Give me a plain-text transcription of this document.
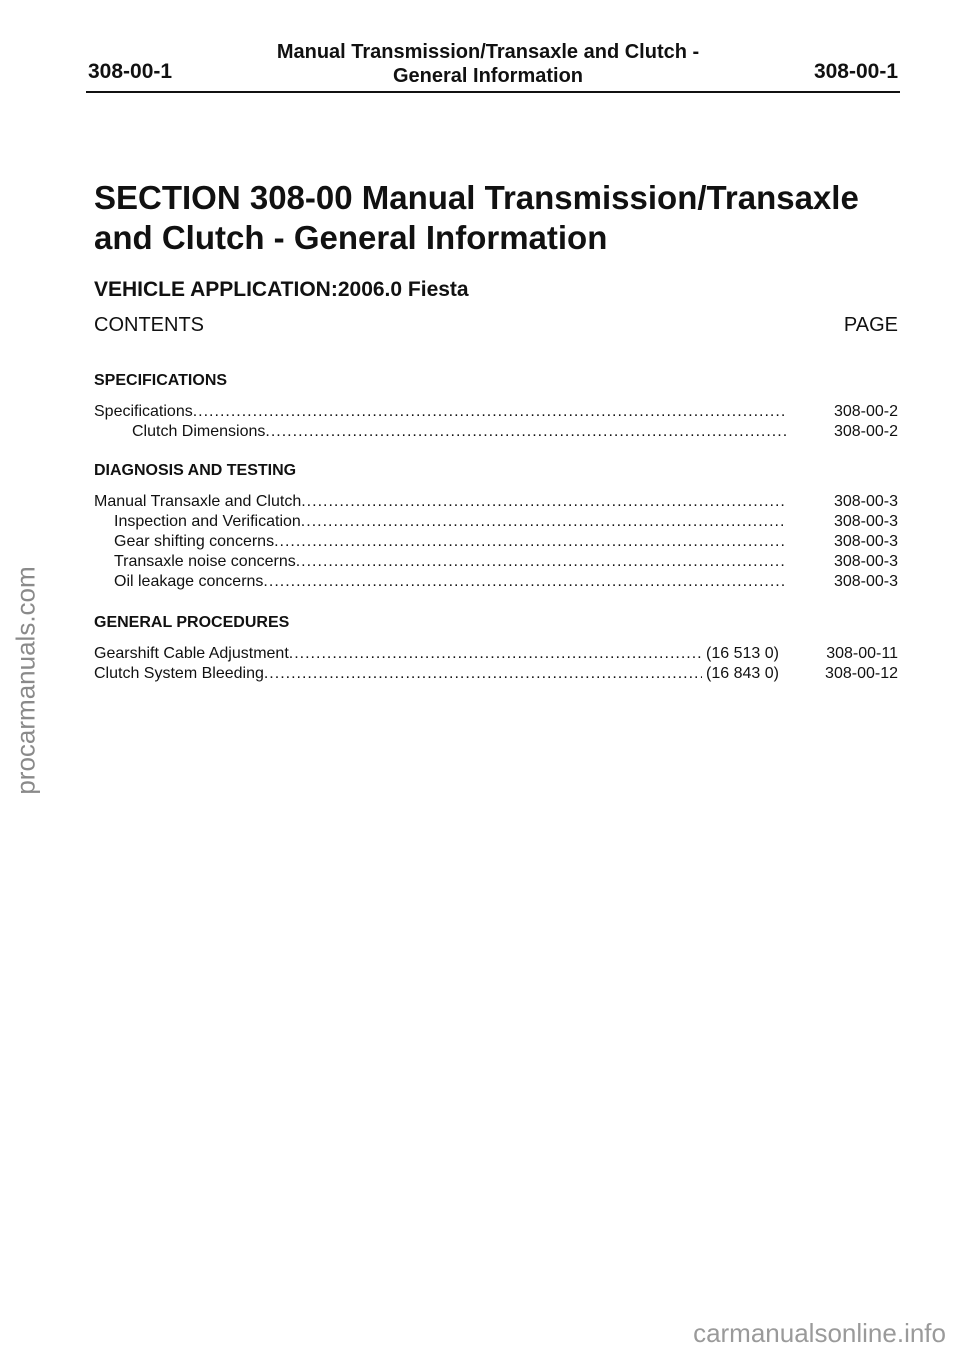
308-00-1
Manual Transmission/Transaxle and Clutch -
General Information	308-00-1
SECTION 308-00 Manual Transmission/Transaxle and Clutch - General Information
VEHICLE APPLICATION:2006.0 Fiesta
CONTENTS	PAGE
SPECIFICATIONS
Specifications .....	308-00-2
Clutch Dimensions .....	308-00-2
DIAGNOSIS AND TESTING
Manual Transaxle and Clutch .....	308-00-3
Inspection and Verification .....	308-00-3
Gear shifting concerns .....	308-00-3
Transaxle noise concerns .....	308-00-3
Oil leakage concerns .....	308-00-3
GENERAL PROCEDURES
Gearshift Cable Adjustment .....	(16 513 0)	308-00-11
Clutch System Bleeding .....	(16 843 0)	308-00-12
procarmanuals.com
carmanualsonline.info
